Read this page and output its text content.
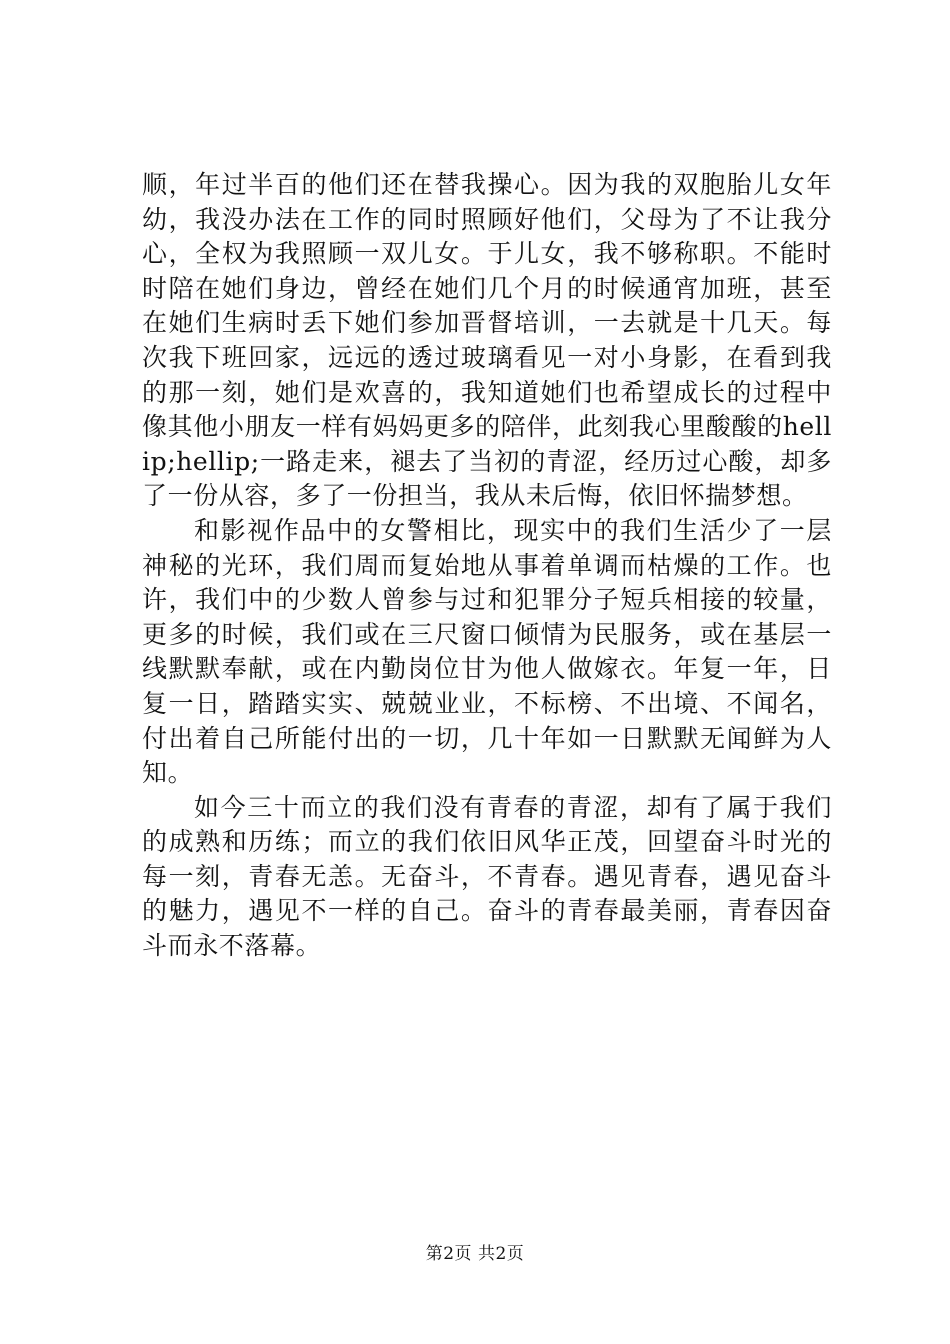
顺，年过半百的他们还在替我操心。因为我的双胞胎儿女年幼，我没办法在工作的同时照顾好他们，父母为了不让我分心，全权为我照顾一双儿女。于儿女，我不够称职。不能时时陪在她们身边，曾经在她们几个月的时候通宵加班，甚至在她们生病时丢下她们参加晋督培训，一去就是十几天。每次我下班回家，远远的透过玻璃看见一对小身影，在看到我的那一刻，她们是欢喜的，我知道她们也希望成长的过程中像其他小朋友一样有妈妈更多的陪伴，此刻我心里酸酸的hellip;hellip;一路走来，褪去了当初的青涩，经历过心酸，却多了一份从容，多了一份担当，我从未后悔，依旧怀揣梦想。

和影视作品中的女警相比，现实中的我们生活少了一层神秘的光环，我们周而复始地从事着单调而枯燥的工作。也许，我们中的少数人曾参与过和犯罪分子短兵相接的较量，更多的时候，我们或在三尺窗口倾情为民服务，或在基层一线默默奉献，或在内勤岗位甘为他人做嫁衣。年复一年，日复一日，踏踏实实、兢兢业业，不标榜、不出境、不闻名，付出着自己所能付出的一切，几十年如一日默默无闻鲜为人知。

如今三十而立的我们没有青春的青涩，却有了属于我们的成熟和历练；而立的我们依旧风华正茂，回望奋斗时光的每一刻，青春无恙。无奋斗，不青春。遇见青春，遇见奋斗的魅力，遇见不一样的自己。奋斗的青春最美丽，青春因奋斗而永不落幕。

第2页 共2页
